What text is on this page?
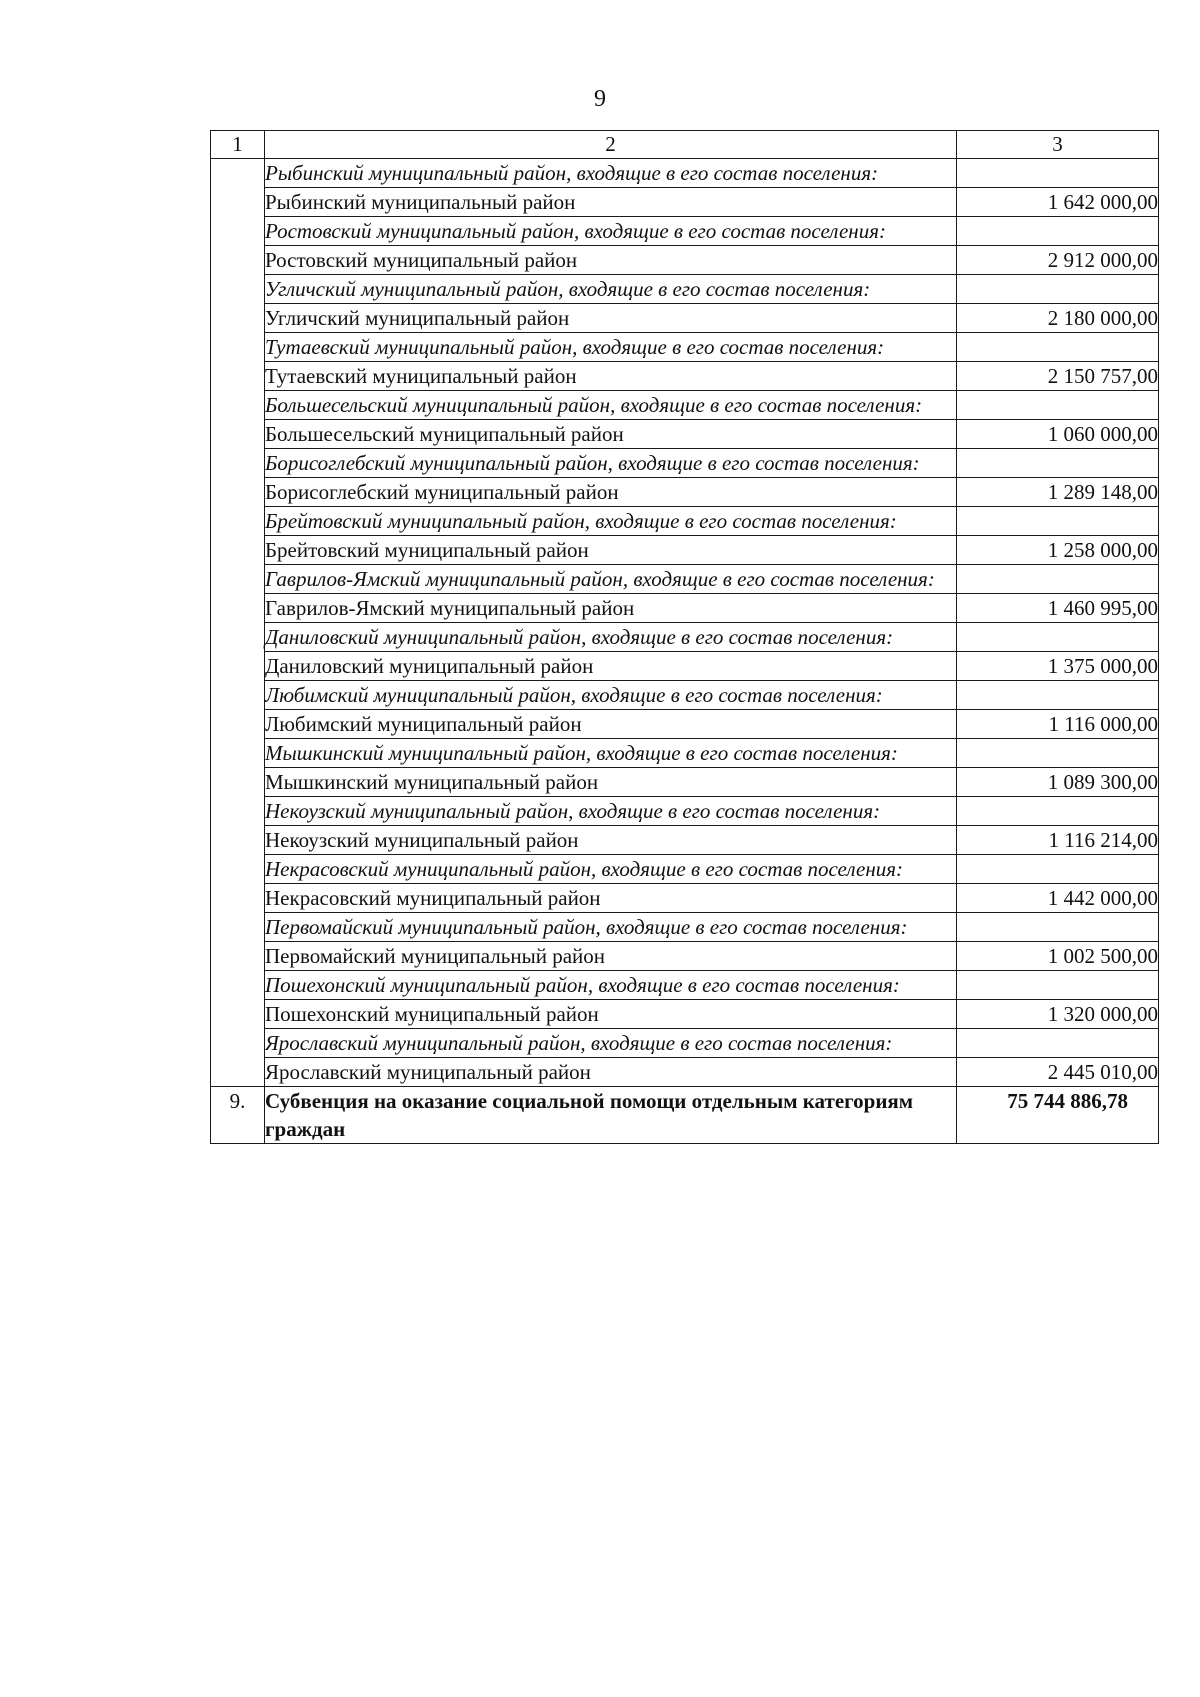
9
1	2	3
	Рыбинский муниципальный район, входящие в его состав поселения:	
	Рыбинский муниципальный район	1 642 000,00
	Ростовский муниципальный район, входящие в его состав поселения:	
	Ростовский муниципальный район	2 912 000,00
	Угличский муниципальный район, входящие в его состав поселения:	
	Угличский муниципальный район	2 180 000,00
	Тутаевский муниципальный район, входящие в его состав поселения:	
	Тутаевский муниципальный район	2 150 757,00
	Большесельский муниципальный район, входящие в его состав поселения:	
	Большесельский муниципальный район	1 060 000,00
	Борисоглебский муниципальный район, входящие в его состав поселения:	
	Борисоглебский муниципальный район	1 289 148,00
	Брейтовский муниципальный район, входящие в его состав поселения:	
	Брейтовский муниципальный район	1 258 000,00
	Гаврилов-Ямский муниципальный район, входящие в его состав поселения:	
	Гаврилов-Ямский муниципальный район	1 460 995,00
	Даниловский муниципальный район, входящие в его состав поселения:	
	Даниловский муниципальный район	1 375 000,00
	Любимский муниципальный район, входящие в его состав поселения:	
	Любимский муниципальный район	1 116 000,00
	Мышкинский муниципальный район, входящие в его состав поселения:	
	Мышкинский муниципальный район	1 089 300,00
	Некоузский муниципальный район, входящие в его состав поселения:	
	Некоузский муниципальный район	1 116 214,00
	Некрасовский муниципальный район, входящие в его состав поселения:	
	Некрасовский муниципальный район	1 442 000,00
	Первомайский муниципальный район, входящие в его состав поселения:	
	Первомайский муниципальный район	1 002 500,00
	Пошехонский муниципальный район, входящие в его состав поселения:	
	Пошехонский муниципальный район	1 320 000,00
	Ярославский муниципальный район, входящие в его состав поселения:	
	Ярославский муниципальный район	2 445 010,00
9.	Субвенция на оказание социальной помощи отдельным категориям граждан	75 744 886,78
